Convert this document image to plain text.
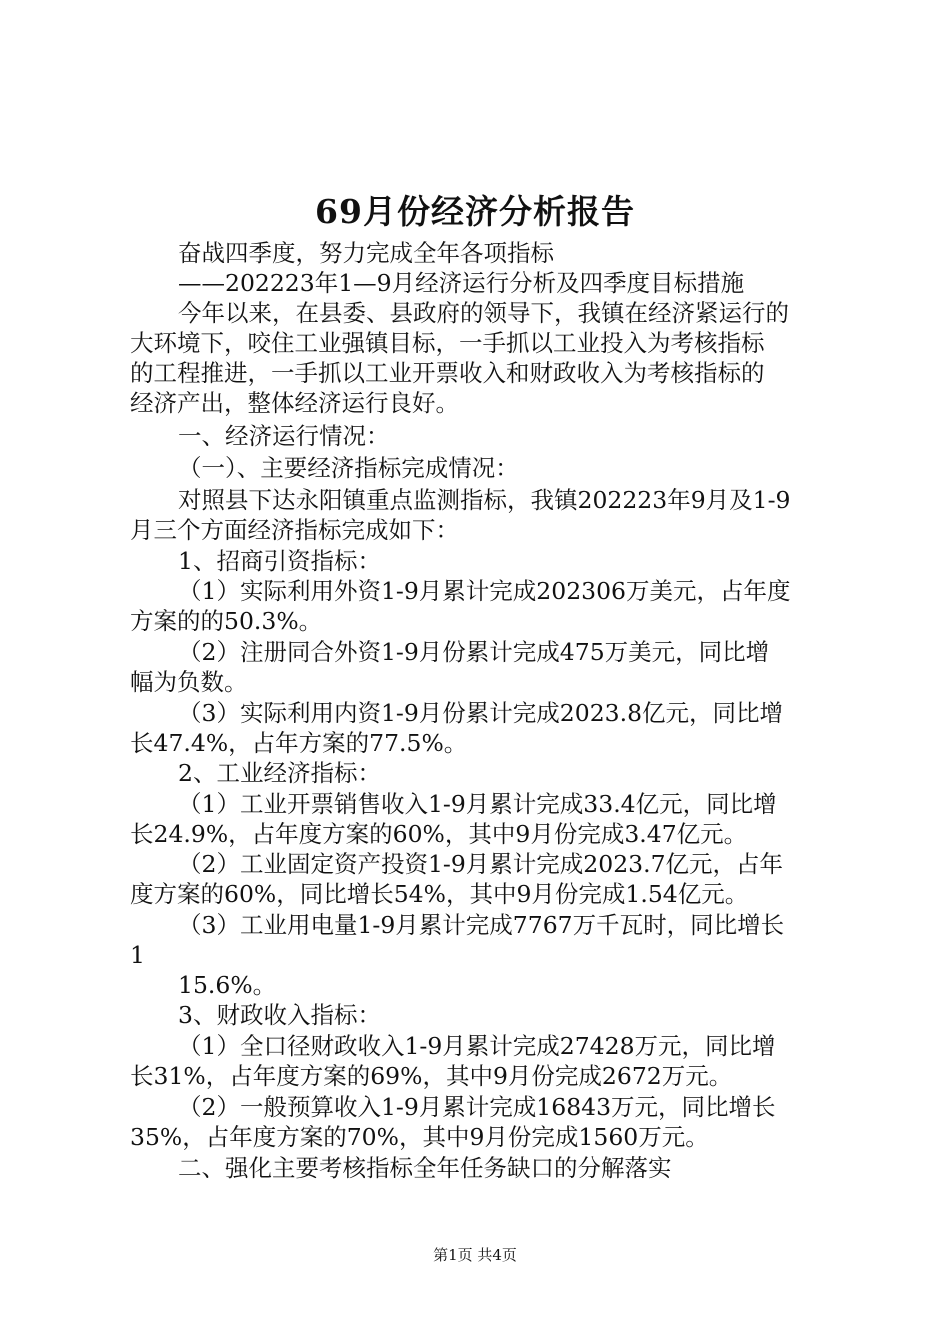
69月份经济分析报告
奋战四季度，努力完成全年各项指标
——202223年1—9月经济运行分析及四季度目标措施
今年以来，在县委、县政府的领导下，我镇在经济紧运行的
大环境下，咬住工业强镇目标，一手抓以工业投入为考核指标
的工程推进，一手抓以工业开票收入和财政收入为考核指标的
经济产出，整体经济运行良好。
一、经济运行情况：
（一）、主要经济指标完成情况：
对照县下达永阳镇重点监测指标，我镇202223年9月及1-9
月三个方面经济指标完成如下：
1、招商引资指标：
（1）实际利用外资1-9月累计完成202306万美元，占年度
方案的的50.3%。
（2）注册同合外资1-9月份累计完成475万美元，同比增
幅为负数。
（3）实际利用内资1-9月份累计完成2023.8亿元，同比增
长47.4%，占年方案的77.5%。
2、工业经济指标：
（1）工业开票销售收入1-9月累计完成33.4亿元，同比增
长24.9%，占年度方案的60%，其中9月份完成3.47亿元。
（2）工业固定资产投资1-9月累计完成2023.7亿元，占年
度方案的60%，同比增长54%，其中9月份完成1.54亿元。
（3）工业用电量1-9月累计完成7767万千瓦时，同比增长
1
15.6%。
3、财政收入指标：
（1）全口径财政收入1-9月累计完成27428万元，同比增
长31%，占年度方案的69%，其中9月份完成2672万元。
（2）一般预算收入1-9月累计完成16843万元，同比增长
35%，占年度方案的70%，其中9月份完成1560万元。
二、强化主要考核指标全年任务缺口的分解落实
第1页 共4页
